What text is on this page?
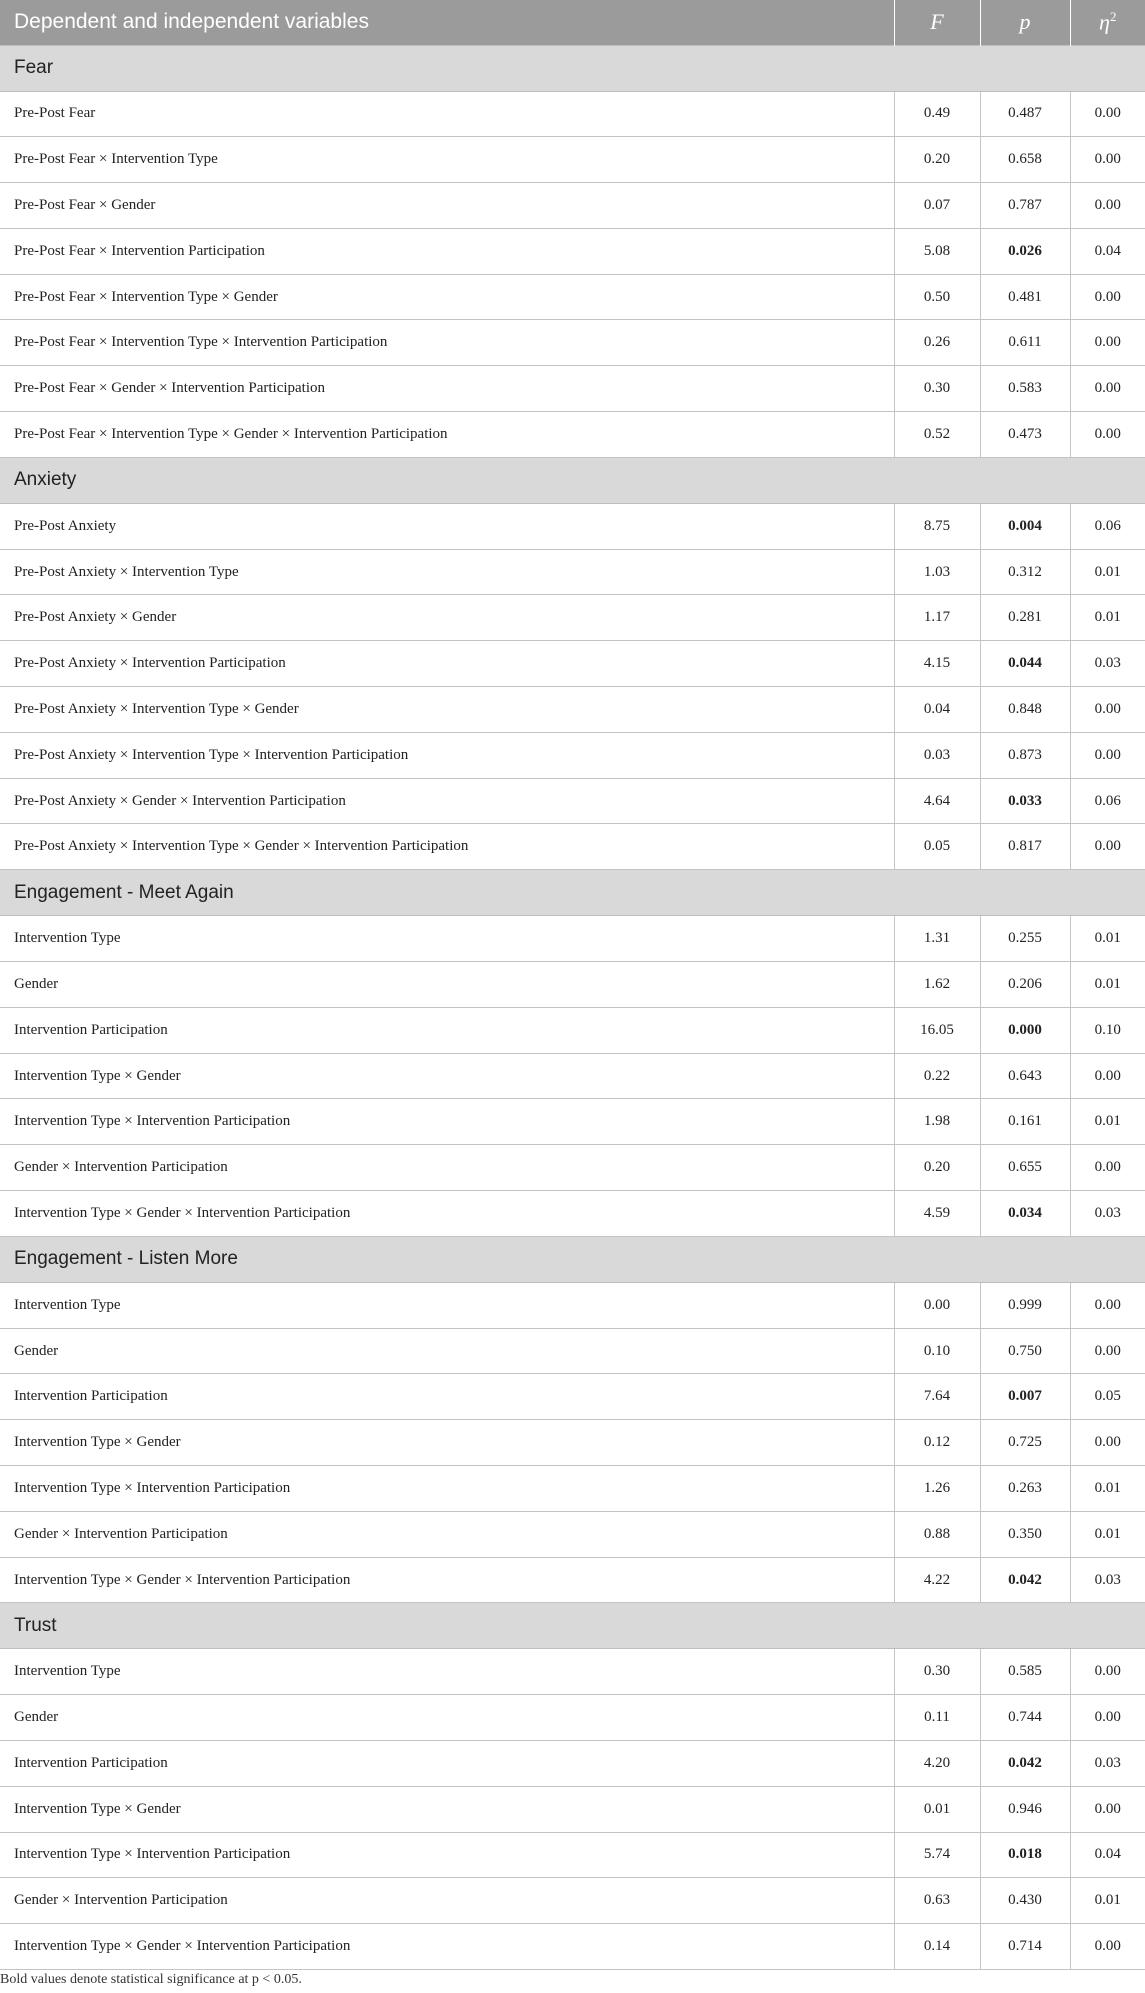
Dependent and independent variables	F	p	$\eta^2$
Fear			
Pre-Post Fear	0.49	0.487	0.00
Pre-Post Fear × Intervention Type	0.20	0.658	0.00
Pre-Post Fear × Gender	0.07	0.787	0.00
Pre-Post Fear × Intervention Participation	5.08	0.026	0.04
Pre-Post Fear × Intervention Type × Gender	0.50	0.481	0.00
Pre-Post Fear × Intervention Type × Intervention Participation	0.26	0.611	0.00
Pre-Post Fear × Gender × Intervention Participation	0.30	0.583	0.00
Pre-Post Fear × Intervention Type × Gender × Intervention Participation	0.52	0.473	0.00
Anxiety			
Pre-Post Anxiety	8.75	0.004	0.06
Pre-Post Anxiety × Intervention Type	1.03	0.312	0.01
Pre-Post Anxiety × Gender	1.17	0.281	0.01
Pre-Post Anxiety × Intervention Participation	4.15	0.044	0.03
Pre-Post Anxiety × Intervention Type × Gender	0.04	0.848	0.00
Pre-Post Anxiety × Intervention Type × Intervention Participation	0.03	0.873	0.00
Pre-Post Anxiety × Gender × Intervention Participation	4.64	0.033	0.06
Pre-Post Anxiety × Intervention Type × Gender × Intervention Participation	0.05	0.817	0.00
Engagement - Meet Again			
Intervention Type	1.31	0.255	0.01
Gender	1.62	0.206	0.01
Intervention Participation	16.05	0.000	0.10
Intervention Type × Gender	0.22	0.643	0.00
Intervention Type × Intervention Participation	1.98	0.161	0.01
Gender × Intervention Participation	0.20	0.655	0.00
Intervention Type × Gender × Intervention Participation	4.59	0.034	0.03
Engagement - Listen More			
Intervention Type	0.00	0.999	0.00
Gender	0.10	0.750	0.00
Intervention Participation	7.64	0.007	0.05
Intervention Type × Gender	0.12	0.725	0.00
Intervention Type × Intervention Participation	1.26	0.263	0.01
Gender × Intervention Participation	0.88	0.350	0.01
Intervention Type × Gender × Intervention Participation	4.22	0.042	0.03
Trust			
Intervention Type	0.30	0.585	0.00
Gender	0.11	0.744	0.00
Intervention Participation	4.20	0.042	0.03
Intervention Type × Gender	0.01	0.946	0.00
Intervention Type × Intervention Participation	5.74	0.018	0.04
Gender × Intervention Participation	0.63	0.430	0.01
Intervention Type × Gender × Intervention Participation	0.14	0.714	0.00

Bold values denote statistical significance at p < 0.05.
